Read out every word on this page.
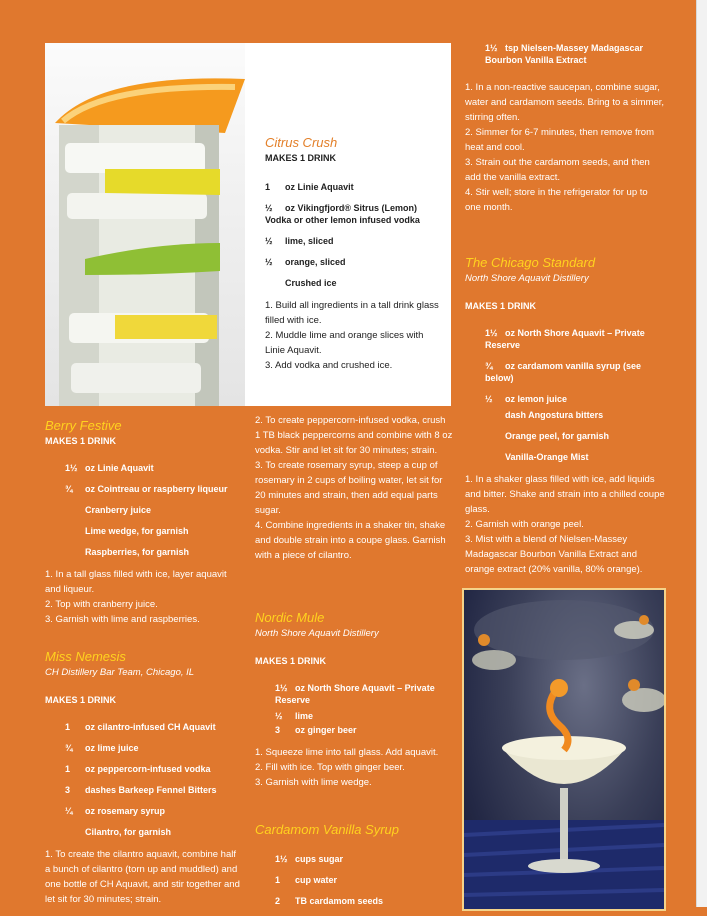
Citrus Crush
MAKES 1 DRINK
1 oz Linie Aquavit
½ oz Vikingfjord® Sitrus (Lemon) Vodka or other lemon infused vodka
½ lime, sliced
½ orange, sliced
Crushed ice
1. Build all ingredients in a tall drink glass filled with ice.
2. Muddle lime and orange slices with Linie Aquavit.
3. Add vodka and crushed ice.
Berry Festive
MAKES 1 DRINK
1½ oz Linie Aquavit
¾ oz Cointreau or raspberry liqueur
Cranberry juice
Lime wedge, for garnish
Raspberries, for garnish
1. In a tall glass filled with ice, layer aquavit and liqueur.
2. Top with cranberry juice.
3. Garnish with lime and raspberries.
Miss Nemesis
CH Distillery Bar Team, Chicago, IL
MAKES 1 DRINK
1 oz cilantro-infused CH Aquavit
¾ oz lime juice
1 oz peppercorn-infused vodka
3 dashes Barkeep Fennel Bitters
¼ oz rosemary syrup
Cilantro, for garnish
1. To create the cilantro aquavit, combine half a bunch of cilantro (torn up and muddled) and one bottle of CH Aquavit, and stir together and let sit for 30 minutes; strain.
2. To create peppercorn-infused vodka, crush 1 TB black peppercorns and combine with 8 oz vodka. Stir and let sit for 30 minutes; strain.
3. To create rosemary syrup, steep a cup of rosemary in 2 cups of boiling water, let sit for 20 minutes and strain, then add equal parts sugar.
4. Combine ingredients in a shaker tin, shake and double strain into a coupe glass. Garnish with a piece of cilantro.
Nordic Mule
North Shore Aquavit Distillery
MAKES 1 DRINK
1½ oz North Shore Aquavit – Private Reserve
½ lime
3 oz ginger beer
1. Squeeze lime into tall glass. Add aquavit.
2. Fill with ice. Top with ginger beer.
3. Garnish with lime wedge.
Cardamom Vanilla Syrup
1½ cups sugar
1 cup water
2 TB cardamom seeds
1½ tsp Nielsen-Massey Madagascar Bourbon Vanilla Extract
1. In a non-reactive saucepan, combine sugar, water and cardamom seeds. Bring to a simmer, stirring often.
2. Simmer for 6-7 minutes, then remove from heat and cool.
3. Strain out the cardamom seeds, and then add the vanilla extract.
4. Stir well; store in the refrigerator for up to one month.
The Chicago Standard
North Shore Aquavit Distillery
MAKES 1 DRINK
1½ oz North Shore Aquavit – Private Reserve
¾ oz cardamom vanilla syrup (see below)
½ oz lemon juice
dash Angostura bitters
Orange peel, for garnish
Vanilla-Orange Mist
1. In a shaker glass filled with ice, add liquids and bitter. Shake and strain into a chilled coupe glass.
2. Garnish with orange peel.
3. Mist with a blend of Nielsen-Massey Madagascar Bourbon Vanilla Extract and orange extract (20% vanilla, 80% orange).
